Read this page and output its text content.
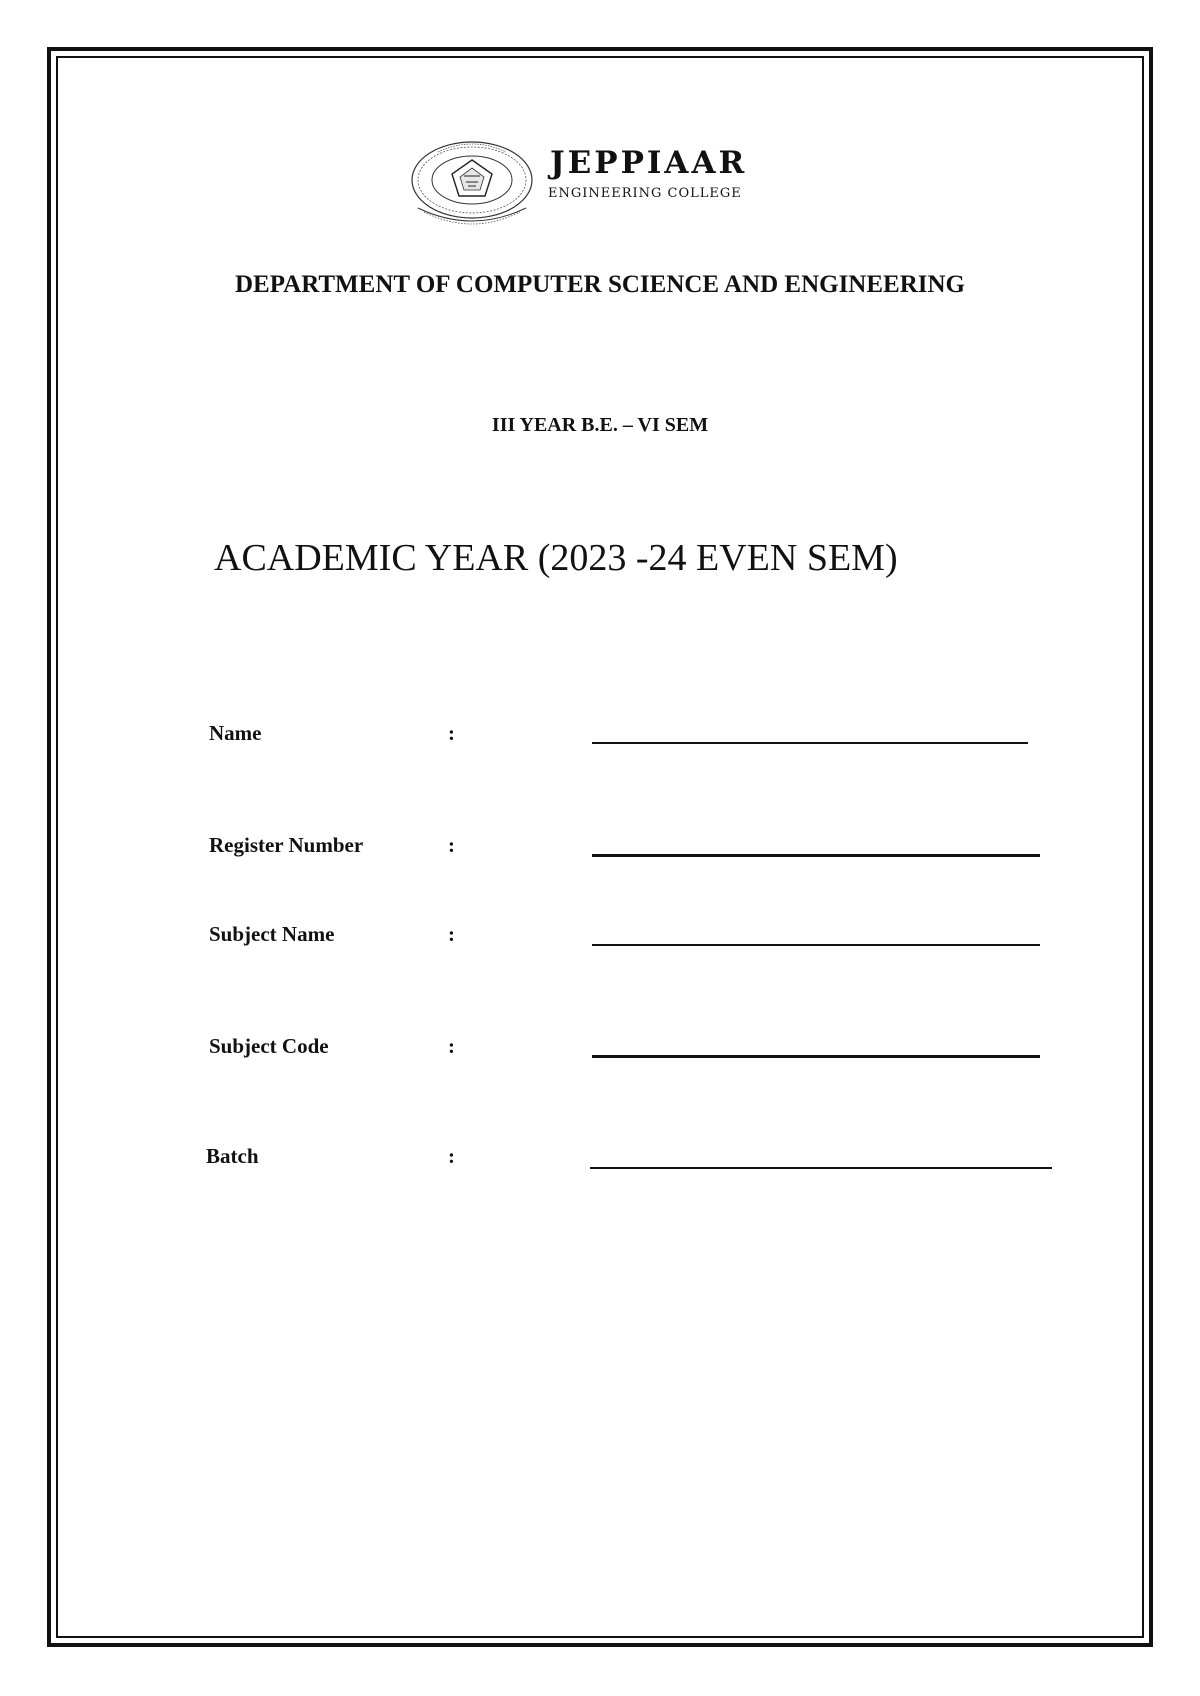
JEPPIAAR
ENGINEERING COLLEGE
DEPARTMENT OF COMPUTER SCIENCE AND ENGINEERING
III YEAR B.E. – VI SEM
ACADEMIC YEAR (2023 -24 EVEN SEM)
Name	:
Register Number	:
Subject Name	:
Subject Code	:
Batch	:
